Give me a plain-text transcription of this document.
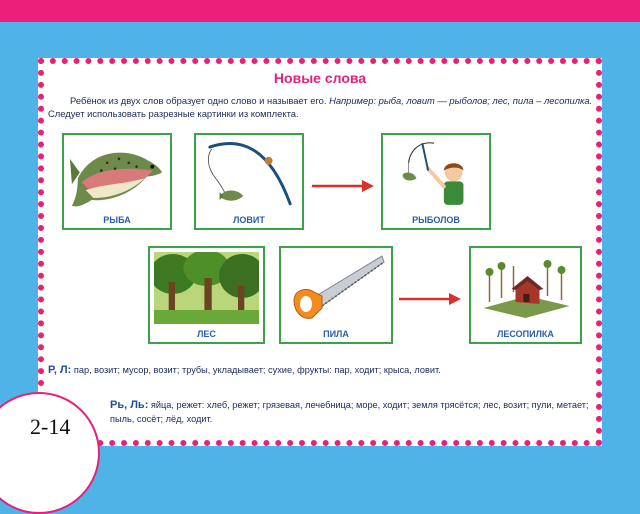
Новые слова
Ребёнок из двух слов образует одно слово и называет его. Например: рыба, ловит — рыболов; лес, пила – лесопилка. Следует использовать разрезные картинки из комплекта.
РЫБА	ЛОВИТ	РЫБОЛОВ
ЛЕС	ПИЛА	ЛЕСОПИЛКА
Р, Л: пар, возит; мусор, возит; трубы, укладывает; сухие, фрукты: пар, ходит; крыса, ловит.
Рь, Ль: яйца, режет: хлеб, режет; грязевая, лечебница; море, ходит; земля трясётся; лес, возит; пули, метает; пыль, сосёт; лёд, ходит.
2-14
